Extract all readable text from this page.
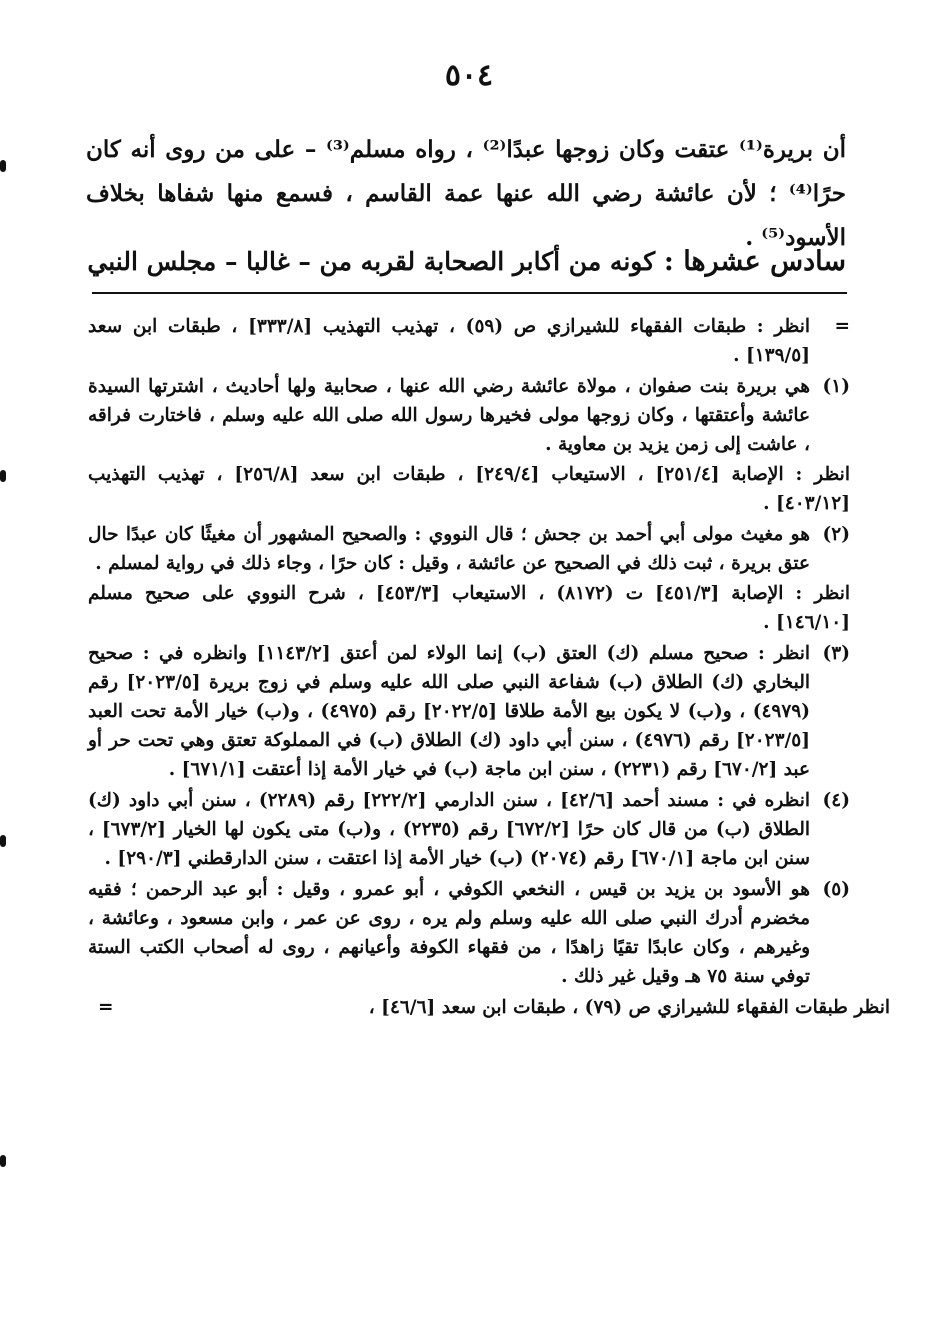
٥٠٤
أن بريرة⁽¹⁾ عتقت وكان زوجها عبدًا⁽²⁾ ، رواه مسلم⁽³⁾ – على من روى أنه كان حرًا⁽⁴⁾ ؛ لأن عائشة رضي الله عنها عمة القاسم ، فسمع منها شفاها بخلاف الأسود⁽⁵⁾ .
سادس عشرها : كونه من أكابر الصحابة لقربه من – غالبا – مجلس النبي
=

انظر : طبقات الفقهاء للشيرازي ص (٥٩) ، تهذيب التهذيب [٣٣٣/٨] ، طبقات ابن سعد [١٣٩/٥] .

(١)

هي بريرة بنت صفوان ، مولاة عائشة رضي الله عنها ، صحابية ولها أحاديث ، اشترتها السيدة عائشة وأعتقتها ، وكان زوجها مولى فخيرها رسول الله صلى الله عليه وسلم ، فاختارت فراقه ، عاشت إلى زمن يزيد بن معاوية .

انظر : الإصابة [٢٥١/٤] ، الاستيعاب [٢٤٩/٤] ، طبقات ابن سعد [٢٥٦/٨] ، تهذيب التهذيب [٤٠٣/١٢] .

(٢)

هو مغيث مولى أبي أحمد بن جحش ؛ قال النووي : والصحيح المشهور أن مغيثًا كان عبدًا حال عتق بريرة ، ثبت ذلك في الصحيح عن عائشة ، وقيل : كان حرًا ، وجاء ذلك في رواية لمسلم .

انظر : الإصابة [٤٥١/٣] ت (٨١٧٢) ، الاستيعاب [٤٥٣/٣] ، شرح النووي على صحيح مسلم [١٤٦/١٠] .

(٣)

انظر : صحيح مسلم (ك) العتق (ب) إنما الولاء لمن أعتق [١١٤٣/٢] وانظره في : صحيح البخاري (ك) الطلاق (ب) شفاعة النبي صلى الله عليه وسلم في زوج بريرة [٢٠٢٣/٥] رقم (٤٩٧٩) ، و(ب) لا يكون بيع الأمة طلاقا [٢٠٢٢/٥] رقم (٤٩٧٥) ، و(ب) خيار الأمة تحت العبد [٢٠٢٣/٥] رقم (٤٩٧٦) ، سنن أبي داود (ك) الطلاق (ب) في المملوكة تعتق وهي تحت حر أو عبد [٦٧٠/٢] رقم (٢٢٣١) ، سنن ابن ماجة (ب) في خيار الأمة إذا أعتقت [٦٧١/١] .

(٤)

انظره في : مسند أحمد [٤٢/٦] ، سنن الدارمي [٢٢٢/٢] رقم (٢٢٨٩) ، سنن أبي داود (ك) الطلاق (ب) من قال كان حرًا [٦٧٢/٢] رقم (٢٢٣٥) ، و(ب) متى يكون لها الخيار [٦٧٣/٢] ، سنن ابن ماجة [٦٧٠/١] رقم (٢٠٧٤) (ب) خيار الأمة إذا اعتقت ، سنن الدارقطني [٢٩٠/٣] .

(٥)

هو الأسود بن يزيد بن قيس ، النخعي الكوفي ، أبو عمرو ، وقيل : أبو عبد الرحمن ؛ فقيه مخضرم أدرك النبي صلى الله عليه وسلم ولم يره ، روى عن عمر ، وابن مسعود ، وعائشة ، وغيرهم ، وكان عابدًا تقيًا زاهدًا ، من فقهاء الكوفة وأعيانهم ، روى له أصحاب الكتب الستة توفي سنة ٧٥ هـ وقيل غير ذلك .

انظر طبقات الفقهاء للشيرازي ص (٧٩) ، طبقات ابن سعد [٤٦/٦] ،
=
